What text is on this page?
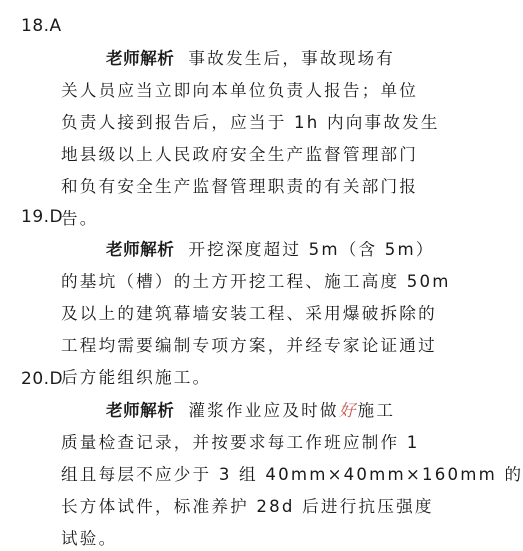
18.A
老师解析 事故发生后，事故现场有
关人员应当立即向本单位负责人报告；单位
负责人接到报告后，应当于 1h 内向事故发生
地县级以上人民政府安全生产监督管理部门
和负有安全生产监督管理职责的有关部门报
告。
19.D
老师解析 开挖深度超过 5m（含 5m）
的基坑（槽）的土方开挖工程、施工高度 50m
及以上的建筑幕墙安装工程、采用爆破拆除的
工程均需要编制专项方案，并经专家论证通过
后方能组织施工。
20.D
老师解析 灌浆作业应及时做好施工
质量检查记录，并按要求每工作班应制作 1
组且每层不应少于 3 组 40mm×40mm×160mm 的
长方体试件，标准养护 28d 后进行抗压强度
试验。
